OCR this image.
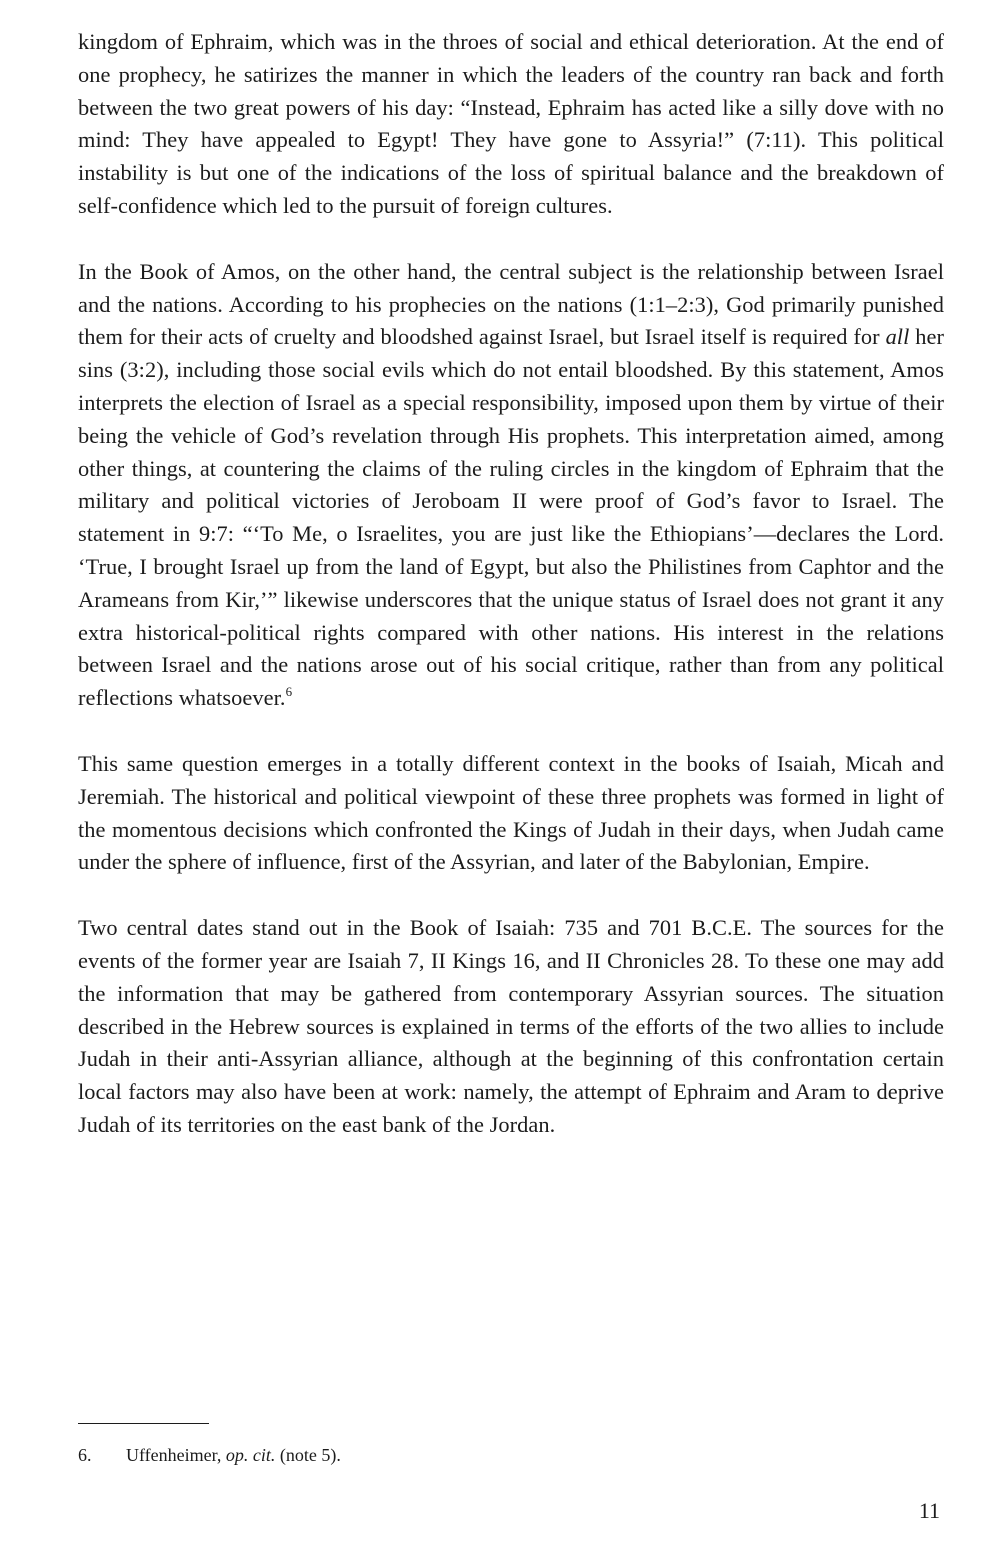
kingdom of Ephraim, which was in the throes of social and ethical deterioration. At the end of one prophecy, he satirizes the manner in which the leaders of the country ran back and forth between the two great powers of his day: “Instead, Ephraim has acted like a silly dove with no mind: They have appealed to Egypt! They have gone to Assyria!” (7:11). This political instability is but one of the indications of the loss of spiritual balance and the breakdown of self-confidence which led to the pursuit of foreign cultures.

In the Book of Amos, on the other hand, the central subject is the relationship between Israel and the nations. According to his prophecies on the nations (1:1–2:3), God primarily punished them for their acts of cruelty and bloodshed against Israel, but Israel itself is required for all her sins (3:2), including those social evils which do not entail bloodshed. By this statement, Amos interprets the election of Israel as a special responsibility, imposed upon them by virtue of their being the vehicle of God’s revelation through His prophets. This interpretation aimed, among other things, at countering the claims of the ruling circles in the kingdom of Ephraim that the military and political victories of Jeroboam II were proof of God’s favor to Israel. The statement in 9:7: “‘To Me, o Israelites, you are just like the Ethiopians’—declares the Lord. ‘True, I brought Israel up from the land of Egypt, but also the Philistines from Caphtor and the Arameans from Kir,’” likewise underscores that the unique status of Israel does not grant it any extra historical-political rights compared with other nations. His interest in the relations between Israel and the nations arose out of his social critique, rather than from any political reflections whatsoever.$^6$

This same question emerges in a totally different context in the books of Isaiah, Micah and Jeremiah. The historical and political viewpoint of these three prophets was formed in light of the momentous decisions which confronted the Kings of Judah in their days, when Judah came under the sphere of influence, first of the Assyrian, and later of the Babylonian, Empire.

Two central dates stand out in the Book of Isaiah: 735 and 701 B.C.E. The sources for the events of the former year are Isaiah 7, II Kings 16, and II Chronicles 28. To these one may add the information that may be gathered from contemporary Assyrian sources. The situation described in the Hebrew sources is explained in terms of the efforts of the two allies to include Judah in their anti-Assyrian alliance, although at the beginning of this confrontation certain local factors may also have been at work: namely, the attempt of Ephraim and Aram to deprive Judah of its territories on the east bank of the Jordan.

6. Uffenheimer, op. cit. (note 5).
11
